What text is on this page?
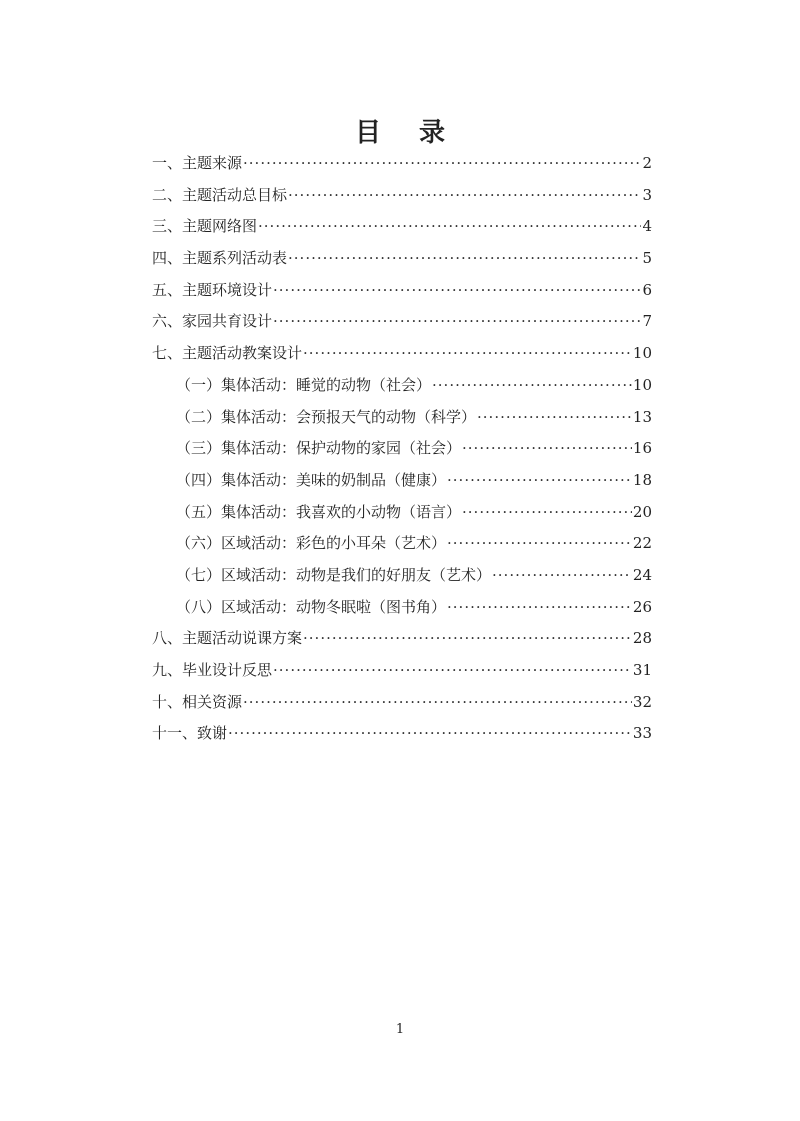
目录
一、主题来源
·····	2
二、主题活动总目标
·····	3
三、主题网络图
·····	4
四、主题系列活动表
·····	5
五、主题环境设计
·····	6
六、家园共育设计
·····	7
七、主题活动教案设计
·····	10
（一）集体活动：睡觉的动物（社会）
·····	10
（二）集体活动：会预报天气的动物（科学）
·····	13
（三）集体活动：保护动物的家园（社会）
·····	16
（四）集体活动：美味的奶制品（健康）
·····	18
（五）集体活动：我喜欢的小动物（语言）
·····	20
（六）区域活动：彩色的小耳朵（艺术）
·····	22
（七）区域活动：动物是我们的好朋友（艺术）
·····	24
（八）区域活动：动物冬眠啦（图书角）
·····	26
八、主题活动说课方案
·····	28
九、毕业设计反思
·····	31
十、相关资源
·····	32
十一、致谢
·····	33
1
